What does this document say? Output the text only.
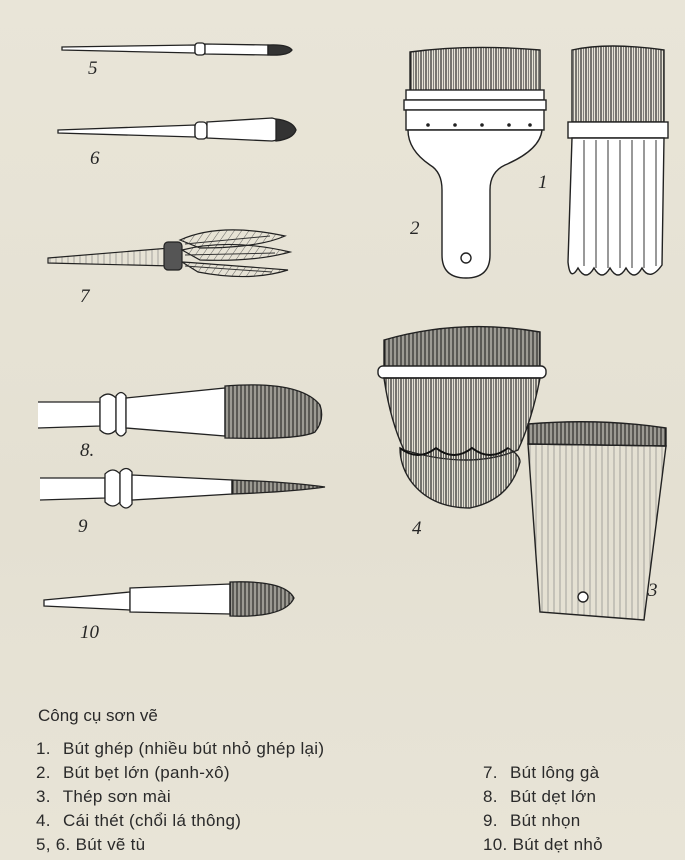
5
6
7
8.
9
10
2
1
4
3
Công cụ sơn vẽ
1. Bút ghép (nhiều bút nhỏ ghép lại)
2. Bút bẹt lớn (panh-xô)
3. Thép sơn mài
4. Cái thét (chổi lá thông)
5, 6. Bút vẽ tù
7. Bút lông gà
8. Bút dẹt lớn
9. Bút nhọn
10. Bút dẹt nhỏ
